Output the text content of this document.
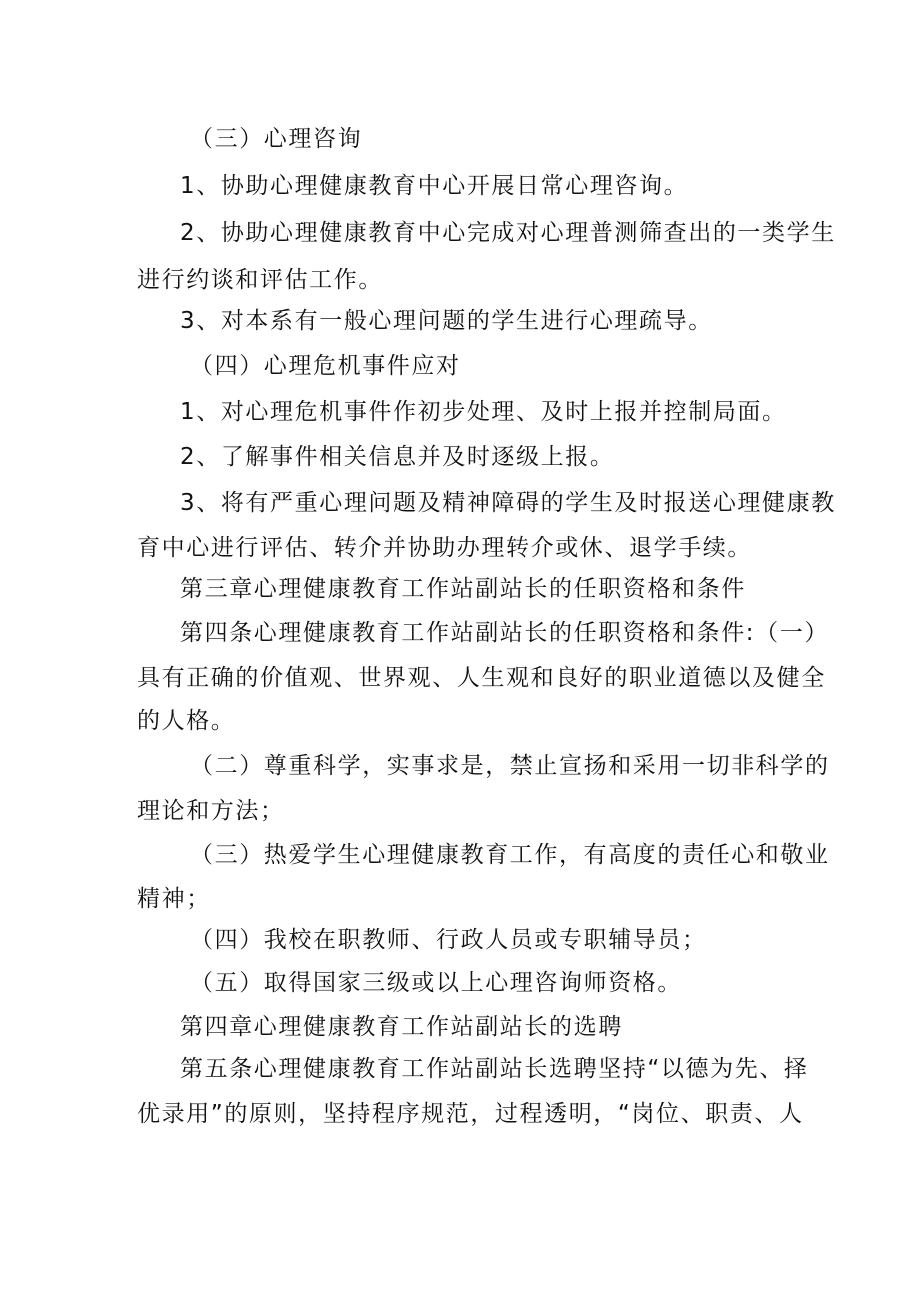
（三）心理咨询
1、协助心理健康教育中心开展日常心理咨询。
2、协助心理健康教育中心完成对心理普测筛查出的一类学生
进行约谈和评估工作。
3、对本系有一般心理问题的学生进行心理疏导。
（四）心理危机事件应对
1、对心理危机事件作初步处理、及时上报并控制局面。
2、了解事件相关信息并及时逐级上报。
3、将有严重心理问题及精神障碍的学生及时报送心理健康教
育中心进行评估、转介并协助办理转介或休、退学手续。
第三章心理健康教育工作站副站长的任职资格和条件
第四条心理健康教育工作站副站长的任职资格和条件:（一）
具有正确的价值观、世界观、人生观和良好的职业道德以及健全
的人格。
（二）尊重科学，实事求是，禁止宣扬和采用一切非科学的
理论和方法；
（三）热爱学生心理健康教育工作，有高度的责任心和敬业
精神；
（四）我校在职教师、行政人员或专职辅导员；
（五）取得国家三级或以上心理咨询师资格。
第四章心理健康教育工作站副站长的选聘
第五条心理健康教育工作站副站长选聘坚持“以德为先、择
优录用”的原则，坚持程序规范，过程透明，“岗位、职责、人
